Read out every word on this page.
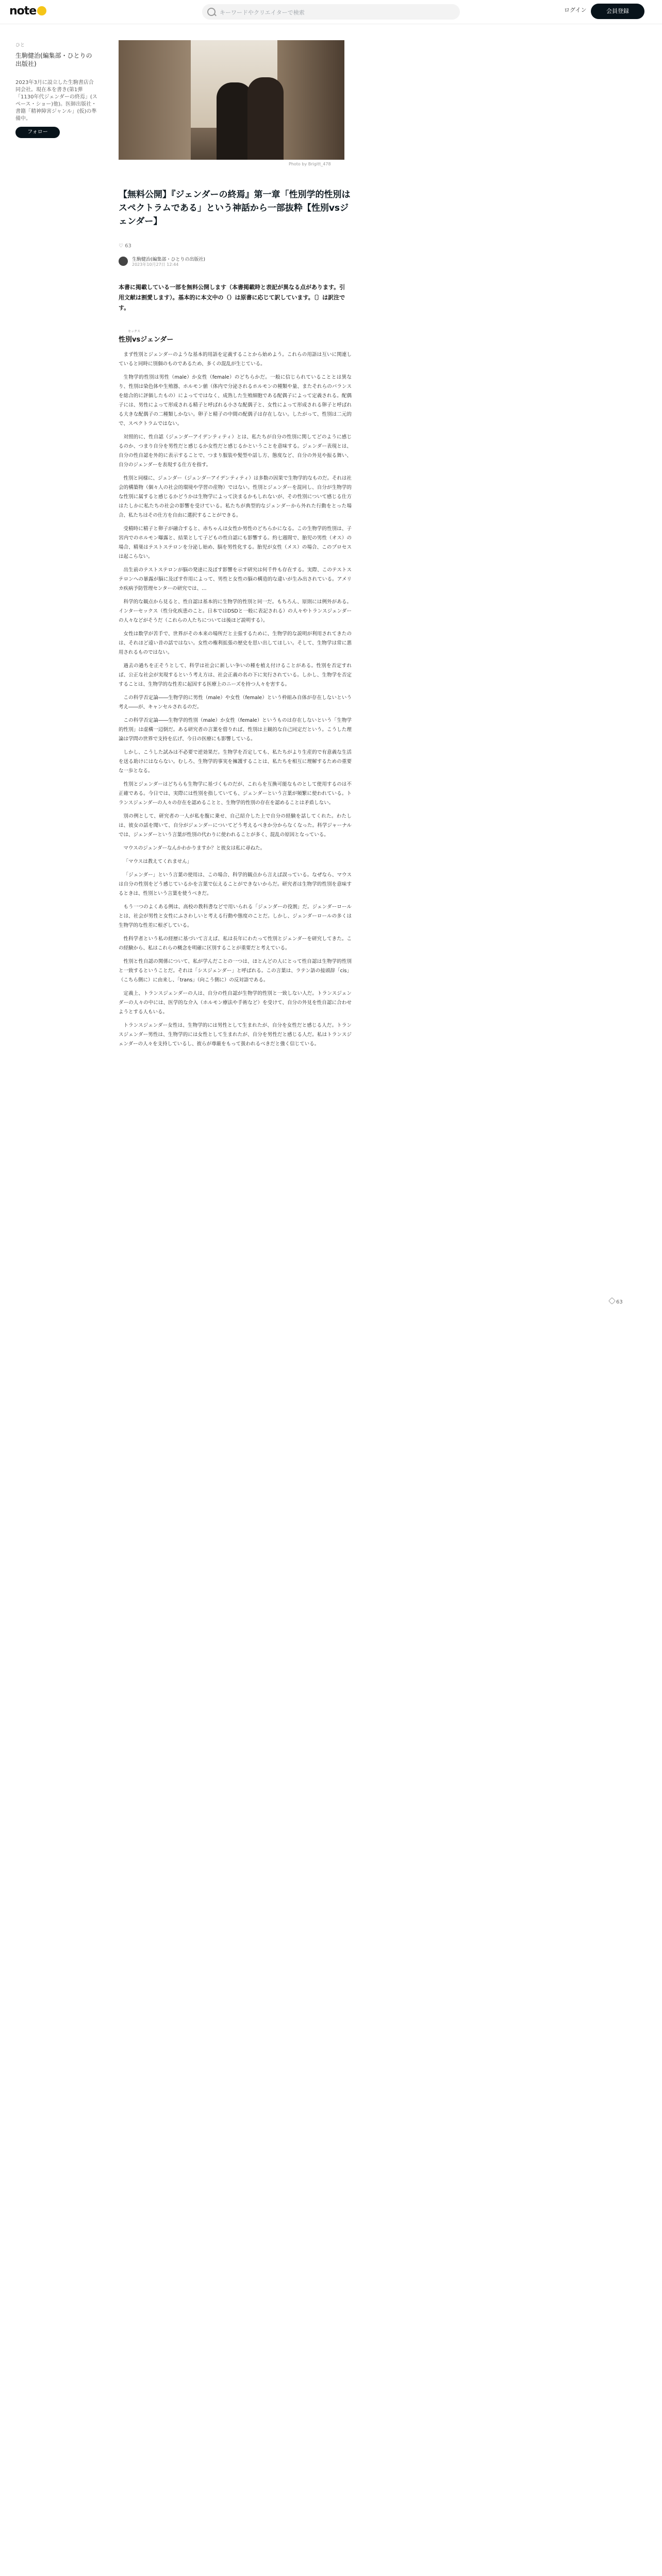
note	キーワードやクリエイターで検索	ログイン	会員登録
ひと
生駒健治(編集部・ひとりの出版社)
2023年3月に設立した生駒書店合同会社。現在本を書き(第1弾「1130年代ジェンダーの終焉」(スペース・ショー)他)。医師出版社・書籍「精神障害ジャンル」(仮)の準備中。
フォロー
Photo by Brigitt_478
【無料公開】『ジェンダーの終焉』第一章「性別学的性別はスペクトラムである」という神話から一部抜粋【性別vsジェンダー】
♡ 63
生駒健治(編集部・ひとりの出版社)
2023年10月27日 12:44
本書に掲載している一部を無料公開します（本書掲載時と表記が異なる点があります。引用文献は割愛します）。基本的に本文中の（）は原書に応じて訳しています。〔〕は訳注です。
セックス
性別vsジェンダー

まず性別とジェンダーのような基本的用語を定義することから始めよう。これらの用語は互いに関連していると同時に別個のものであるため、多くの混乱が生じている。

生物学的性別は男性（male）か女性（female）のどちらかだ。一般に信じられていることとは異なり、性別は染色体や生殖器、ホルモン値（体内で分泌されるホルモンの種類や量、またそれらのバランスを総合的に評価したもの）によってではなく、成熟した生殖細胞である配偶子によって定義される。配偶子には、男性によって形成される精子と呼ばれる小さな配偶子と、女性によって形成される卵子と呼ばれる大きな配偶子の二種類しかない。卵子と精子の中間の配偶子は存在しない。したがって、性別は二元的で、スペクトラムではない。

対照的に、性自認（ジェンダーアイデンティティ）とは、私たちが自分の性別に関してどのように感じるのか、つまり自分を男性だと感じるか女性だと感じるかということを意味する。ジェンダー表現とは、自分の性自認を外的に表示することで、つまり服装や髪型や話し方、態度など、自分の外見や振る舞い、自分のジェンダーを表現する仕方を指す。

性別と同様に、ジェンダー（ジェンダーアイデンティティ）は多数の因果で生物学的なものだ。それは社会的構築物（個々人の社会的環境や学習の産物）ではない。性別とジェンダーを混同し、自分が生物学的な性別に属すると感じるかどうかは生物学によって決まるかもしれないが、その性別について感じる仕方はたしかに私たちの社会の影響を受けている。私たちが典型的なジェンダーから外れた行動をとった場合、私たちはその仕方を自由に選択することができる。

受精時に精子と卵子が融合すると、赤ちゃんは女性か男性のどちらかになる。この生物学的性別は、子宮内でのホルモン曝露と、結果として子どもの性自認にも影響する。約七週間で、胎児の男性（オス）の場合、精巣はテストステロンを分泌し始め、脳を男性化する。胎児が女性（メス）の場合、このプロセスは起こらない。

出生前のテストステロンが脳の発達に及ぼす影響を示す研究は何千件も存在する。実際、このテストステロンへの暴露が脳に及ぼす作用によって、男性と女性の脳の構造的な違いが生み出されている。アメリカ疾病予防管理センターの研究では、…

科学的な観点から見ると、性自認は基本的に生物学的性別と同一だ。もちろん、原則には例外がある。インターセックス（性分化疾患のこと。日本ではDSDと一般に表記される）の人々やトランスジェンダーの人々などがそうだ（これらの人たちについては後ほど説明する）。

女性は数学が苦手で、世界がその本来の場所だと主張するために、生物学的な説明が利用されてきたのは、それほど遠い昔の話ではない。女性の権利拡張の歴史を思い出してほしい。そして、生物学は常に悪用されるものではない。

過去の過ちを正そうとして、科学は社会に新しい争いの種を植え付けることがある。性別を否定すれば、公正な社会が実現するという考え方は、社会正義の名の下に実行されている。しかし、生物学を否定することは、生物学的な性差に起因する医療上のニーズを持つ人々を害する。

この科学否定論――生物学的に男性（male）や女性（female）という枠組み自体が存在しないという考え――が、キャンセルされるのだ。

この科学否定論――生物学的性別（male）か女性（female）というものは存在しないという「生物学的性別」は虚構一辺倒だ。ある研究者の言葉を借りれば、性別は主観的な自己同定だという。こうした理論は学問の世界で支持を広げ、今日の医療にも影響している。

しかし、こうした試みは不必要で逆効果だ。生物学を否定しても、私たちがより生産的で有意義な生活を送る助けにはならない。むしろ、生物学的事実を擁護することは、私たちを相互に理解するための重要な一歩となる。

性別とジェンダーはどちらも生物学に基づくものだが、これらを互換可能なものとして使用するのは不正確である。今日では、実際には性別を指していても、ジェンダーという言葉が頻繁に使われている。トランスジェンダーの人々の存在を認めることと、生物学的性別の存在を認めることは矛盾しない。

別の例として、研究者の一人が私を腹に乗せ、自己紹介した上で自分の経験を話してくれた。わたしは、彼女の話を聞いて、自分がジェンダーについてどう考えるべきか分からなくなった。科学ジャーナルでは、ジェンダーという言葉が性別の代わりに使われることが多く、混乱の原因となっている。

マウスのジェンダーなんかわかりますか？と彼女は私に尋ねた。

「マウスは教えてくれません」

「ジェンダー」という言葉の使用は、この場合、科学的観点から言えば誤っている。なぜなら、マウスは自分の性別をどう感じているかを言葉で伝えることができないからだ。研究者は生物学的性別を意味するときは、性別という言葉を使うべきだ。

もう一つのよくある例は、高校の教科書などで用いられる「ジェンダーの役割」だ。ジェンダーロールとは、社会が男性と女性にふさわしいと考える行動や態度のことだ。しかし、ジェンダーロールの多くは生物学的な性差に根ざしている。

性科学者という私の経歴に基づいて言えば、私は長年にわたって性別とジェンダーを研究してきた。この経験から、私はこれらの概念を明確に区別することが重要だと考えている。

性別と性自認の関係について、私が学んだことの一つは、ほとんどの人にとって性自認は生物学的性別と一致するということだ。それは「シスジェンダー」と呼ばれる。この言葉は、ラテン語の接頭辞「cis」（こちら側に）に由来し、「trans」（向こう側に）の反対語である。

定義上、トランスジェンダーの人は、自分の性自認が生物学的性別と一致しない人だ。トランスジェンダーの人々の中には、医学的な介入（ホルモン療法や手術など）を受けて、自分の外見を性自認に合わせようとする人もいる。

トランスジェンダー女性は、生物学的には男性として生まれたが、自分を女性だと感じる人だ。トランスジェンダー男性は、生物学的には女性として生まれたが、自分を男性だと感じる人だ。私はトランスジェンダーの人々を支持しているし、彼らが尊厳をもって扱われるべきだと強く信じている。

63
